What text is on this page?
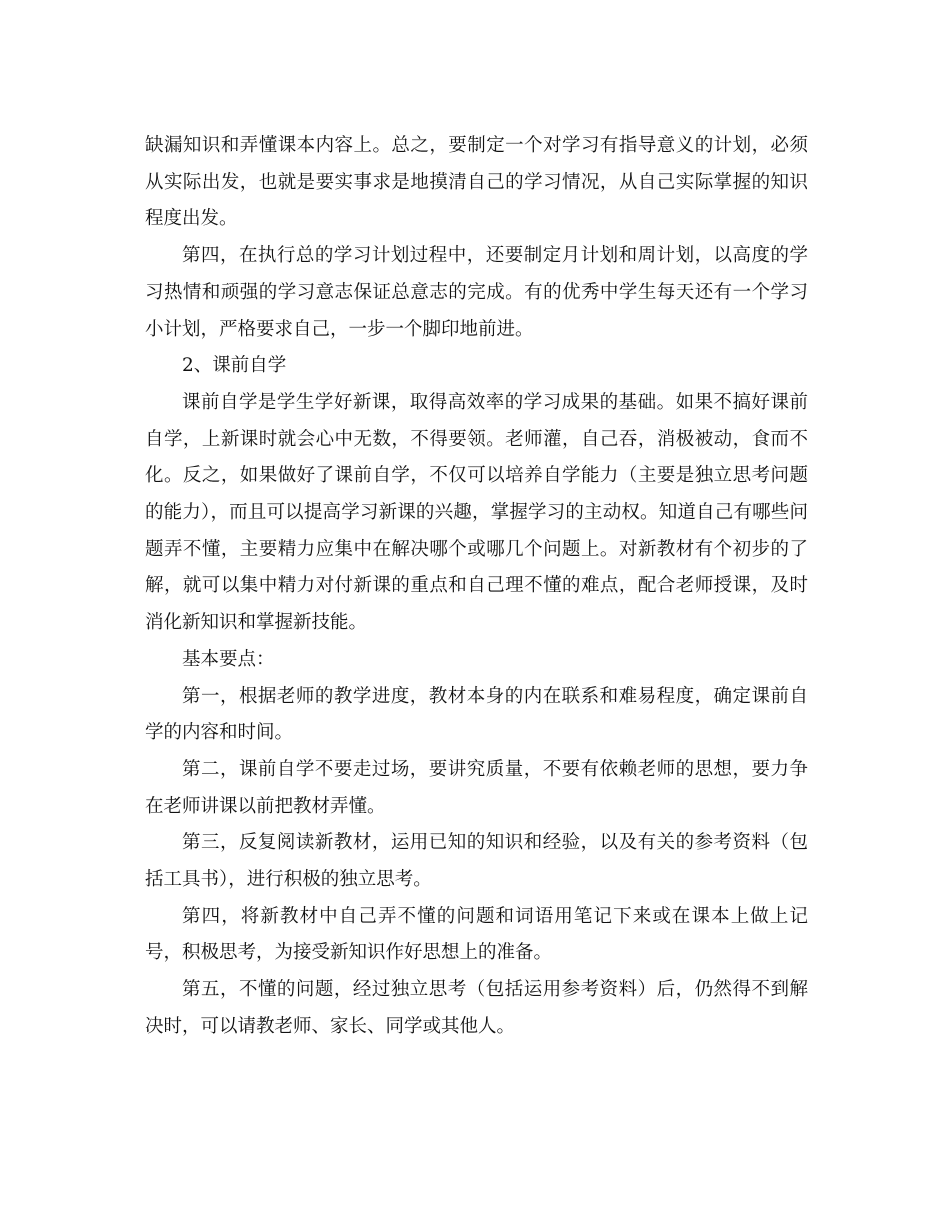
缺漏知识和弄懂课本内容上。总之，要制定一个对学习有指导意义的计划，必须从实际出发，也就是要实事求是地摸清自己的学习情况，从自己实际掌握的知识程度出发。

第四，在执行总的学习计划过程中，还要制定月计划和周计划，以高度的学习热情和顽强的学习意志保证总意志的完成。有的优秀中学生每天还有一个学习小计划，严格要求自己，一步一个脚印地前进。

2、课前自学

课前自学是学生学好新课，取得高效率的学习成果的基础。如果不搞好课前自学，上新课时就会心中无数，不得要领。老师灌，自己吞，消极被动，食而不化。反之，如果做好了课前自学，不仅可以培养自学能力（主要是独立思考问题的能力），而且可以提高学习新课的兴趣，掌握学习的主动权。知道自己有哪些问题弄不懂，主要精力应集中在解决哪个或哪几个问题上。对新教材有个初步的了解，就可以集中精力对付新课的重点和自己理不懂的难点，配合老师授课，及时消化新知识和掌握新技能。

基本要点：

第一，根据老师的教学进度，教材本身的内在联系和难易程度，确定课前自学的内容和时间。

第二，课前自学不要走过场，要讲究质量，不要有依赖老师的思想，要力争在老师讲课以前把教材弄懂。

第三，反复阅读新教材，运用已知的知识和经验，以及有关的参考资料（包括工具书），进行积极的独立思考。

第四，将新教材中自己弄不懂的问题和词语用笔记下来或在课本上做上记号，积极思考，为接受新知识作好思想上的准备。

第五，不懂的问题，经过独立思考（包括运用参考资料）后，仍然得不到解决时，可以请教老师、家长、同学或其他人。
